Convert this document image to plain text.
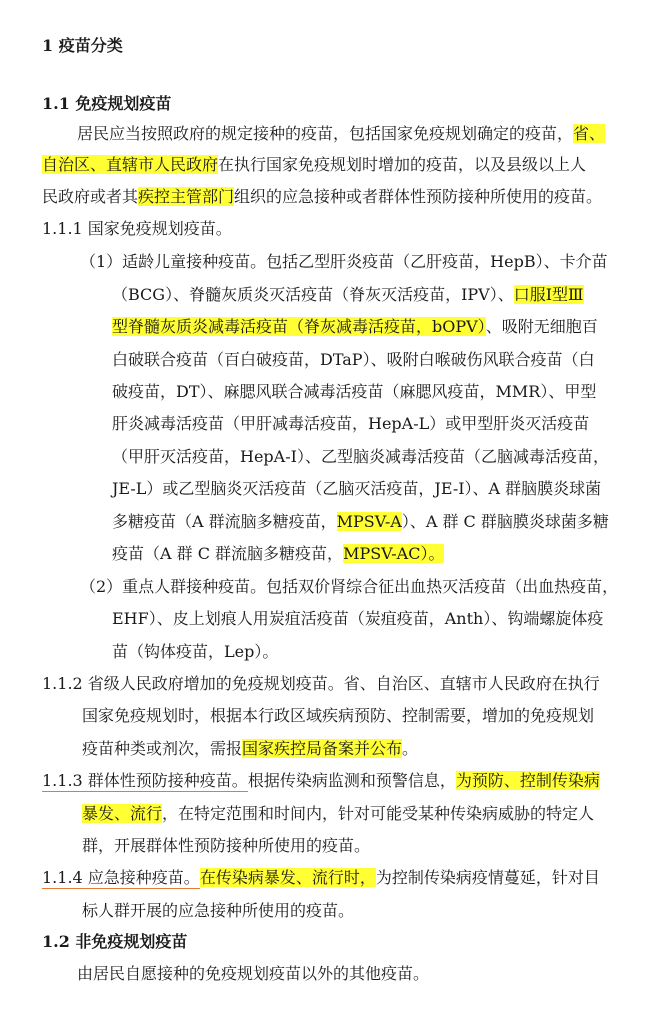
1 疫苗分类
1.1 免疫规划疫苗
居民应当按照政府的规定接种的疫苗，包括国家免疫规划确定的疫苗，省、
自治区、直辖市人民政府在执行国家免疫规划时增加的疫苗，以及县级以上人
民政府或者其疾控主管部门组织的应急接种或者群体性预防接种所使用的疫苗。
1.1.1 国家免疫规划疫苗。
（1）适龄儿童接种疫苗。包括乙型肝炎疫苗（乙肝疫苗，HepB）、卡介苗
（BCG）、脊髓灰质炎灭活疫苗（脊灰灭活疫苗，IPV）、口服Ⅰ型Ⅲ
型脊髓灰质炎减毒活疫苗（脊灰减毒活疫苗，bOPV）、吸附无细胞百
白破联合疫苗（百白破疫苗，DTaP）、吸附白喉破伤风联合疫苗（白
破疫苗，DT）、麻腮风联合减毒活疫苗（麻腮风疫苗，MMR）、甲型
肝炎减毒活疫苗（甲肝减毒活疫苗，HepA-L）或甲型肝炎灭活疫苗
（甲肝灭活疫苗，HepA-I）、乙型脑炎减毒活疫苗（乙脑减毒活疫苗，
JE-L）或乙型脑炎灭活疫苗（乙脑灭活疫苗，JE-I）、A 群脑膜炎球菌
多糖疫苗（A 群流脑多糖疫苗，MPSV-A）、A 群 C 群脑膜炎球菌多糖
疫苗（A 群 C 群流脑多糖疫苗，MPSV-AC）。
（2）重点人群接种疫苗。包括双价肾综合征出血热灭活疫苗（出血热疫苗，
EHF）、皮上划痕人用炭疽活疫苗（炭疽疫苗，Anth）、钩端螺旋体疫
苗（钩体疫苗，Lep）。
1.1.2 省级人民政府增加的免疫规划疫苗。省、自治区、直辖市人民政府在执行
国家免疫规划时，根据本行政区域疾病预防、控制需要，增加的免疫规划
疫苗种类或剂次，需报国家疾控局备案并公布。
1.1.3 群体性预防接种疫苗。根据传染病监测和预警信息，为预防、控制传染病
暴发、流行，在特定范围和时间内，针对可能受某种传染病威胁的特定人
群，开展群体性预防接种所使用的疫苗。
1.1.4 应急接种疫苗。在传染病暴发、流行时，为控制传染病疫情蔓延，针对目
标人群开展的应急接种所使用的疫苗。
1.2 非免疫规划疫苗
由居民自愿接种的免疫规划疫苗以外的其他疫苗。
